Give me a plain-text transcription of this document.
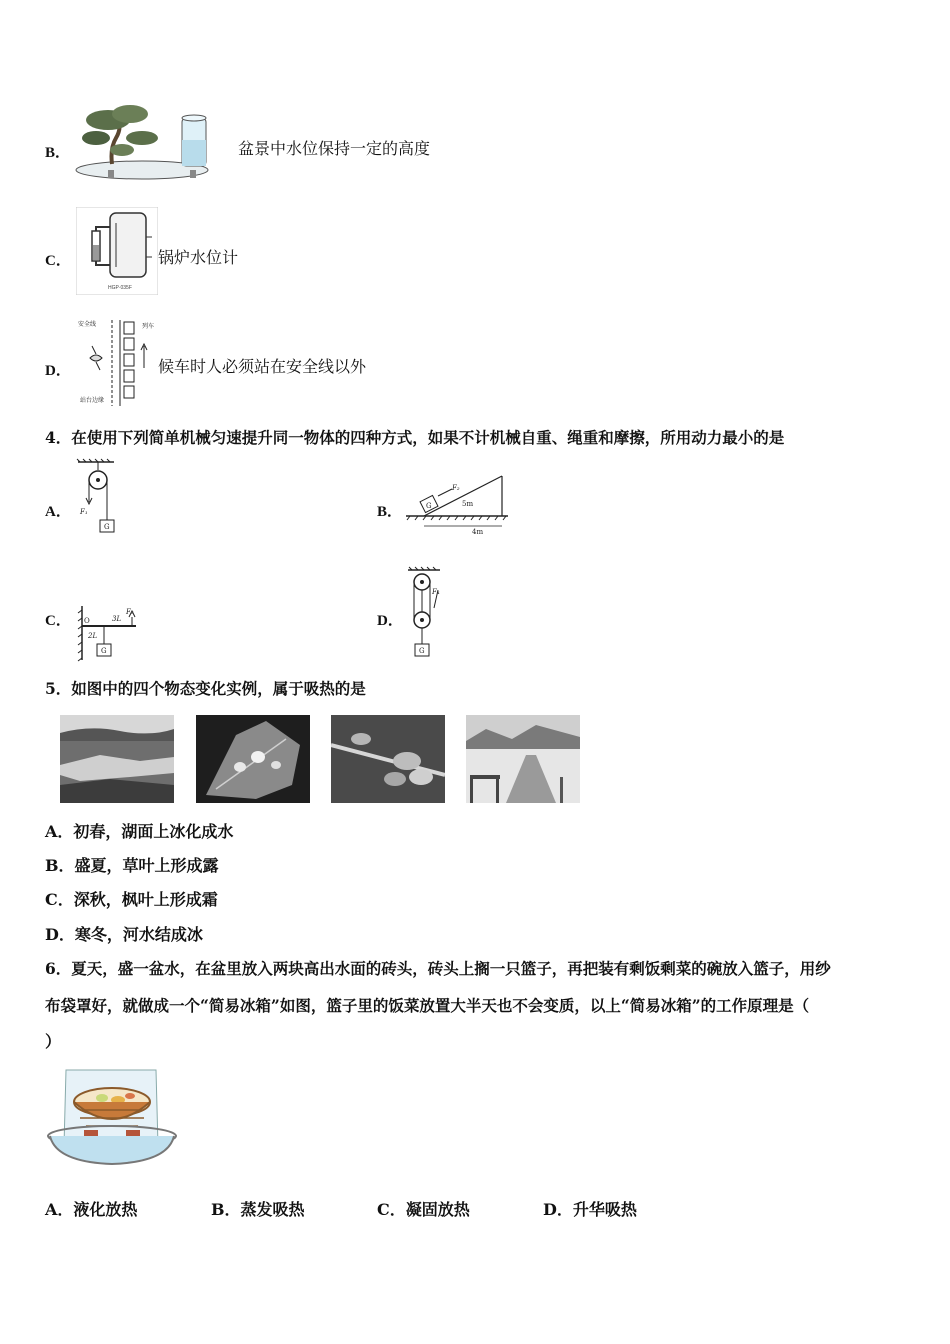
B．	盆景中水位保持一定的高度
C．
HGP·035F
锅炉水位计
D．
安全线	列车
站台边缘
候车时人必须站在安全线以外
4．在使用下列简单机械匀速提升同一物体的四种方式，如果不计机械自重、绳重和摩擦，所用动力最小的是
A．
G
F₁	B．	G
F₂
5m
4m
C． O	3L
2L
F₃
G
D．
F₄
G
5．如图中的四个物态变化实例，属于吸热的是
A．初春，湖面上冰化成水
B．盛夏，草叶上形成露
C．深秋，枫叶上形成霜
D．寒冬，河水结成冰
6．夏天，盛一盆水，在盆里放入两块高出水面的砖头，砖头上搁一只篮子，再把装有剩饭剩菜的碗放入篮子，用纱
布袋罩好，就做成一个“简易冰箱”如图，篮子里的饭菜放置大半天也不会变质，以上“简易冰箱”的工作原理是（
）
A．液化放热	B．蒸发吸热	C．凝固放热	D．升华吸热
